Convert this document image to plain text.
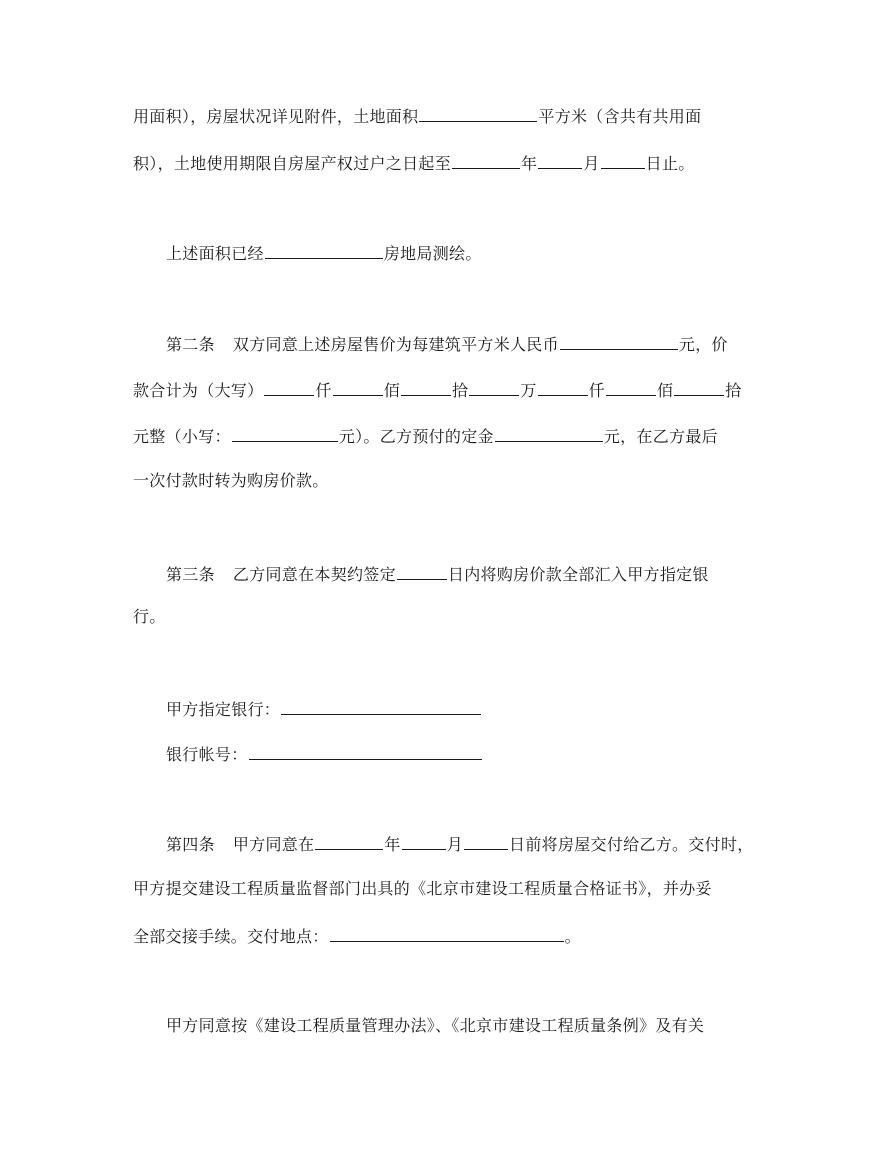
用面积），房屋状况详见附件，土地面积	平方米（含共有共用面
积），土地使用期限自房屋产权过户之日起至	年	月	日止。
上述面积已经	房地局测绘。
第二条 双方同意上述房屋售价为每建筑平方米人民币	元，价
款合计为（大写）	仟	佰	拾	万	仟	佰	拾
元整（小写：	元）。乙方预付的定金	元，在乙方最后
一次付款时转为购房价款。
第三条 乙方同意在本契约签定	日内将购房价款全部汇入甲方指定银
行。
甲方指定银行：
银行帐号：
第四条 甲方同意在	年	月	日前将房屋交付给乙方。交付时，
甲方提交建设工程质量监督部门出具的《北京市建设工程质量合格证书》，并办妥
全部交接手续。交付地点：	。
甲方同意按《建设工程质量管理办法》、《北京市建设工程质量条例》及有关
